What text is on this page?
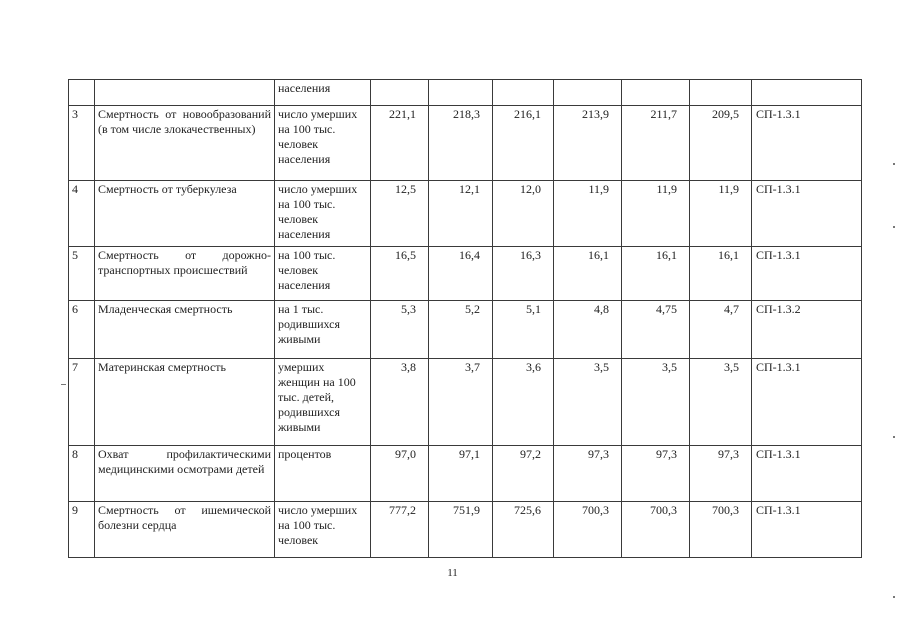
		населения							
3	Смертность от новообразований (в том числе злокачественных)	число умерших на 100 тыс. человек населения	221,1	218,3	216,1	213,9	211,7	209,5	СП-1.3.1
4	Смертность от туберкулеза	число умерших на 100 тыс. человек населения	12,5	12,1	12,0	11,9	11,9	11,9	СП-1.3.1
5	Смертность от дорожно-транспортных происшествий	на 100 тыс. человек населения	16,5	16,4	16,3	16,1	16,1	16,1	СП-1.3.1
6	Младенческая смертность	на 1 тыс. родившихся живыми	5,3	5,2	5,1	4,8	4,75	4,7	СП-1.3.2
7	Материнская смертность	умерших женщин на 100 тыс. детей, родившихся живыми	3,8	3,7	3,6	3,5	3,5	3,5	СП-1.3.1
8	Охват профилактическими медицинскими осмотрами детей	процентов	97,0	97,1	97,2	97,3	97,3	97,3	СП-1.3.1
9	Смертность от ишемической болезни сердца	число умерших на 100 тыс. человек	777,2	751,9	725,6	700,3	700,3	700,3	СП-1.3.1
11
